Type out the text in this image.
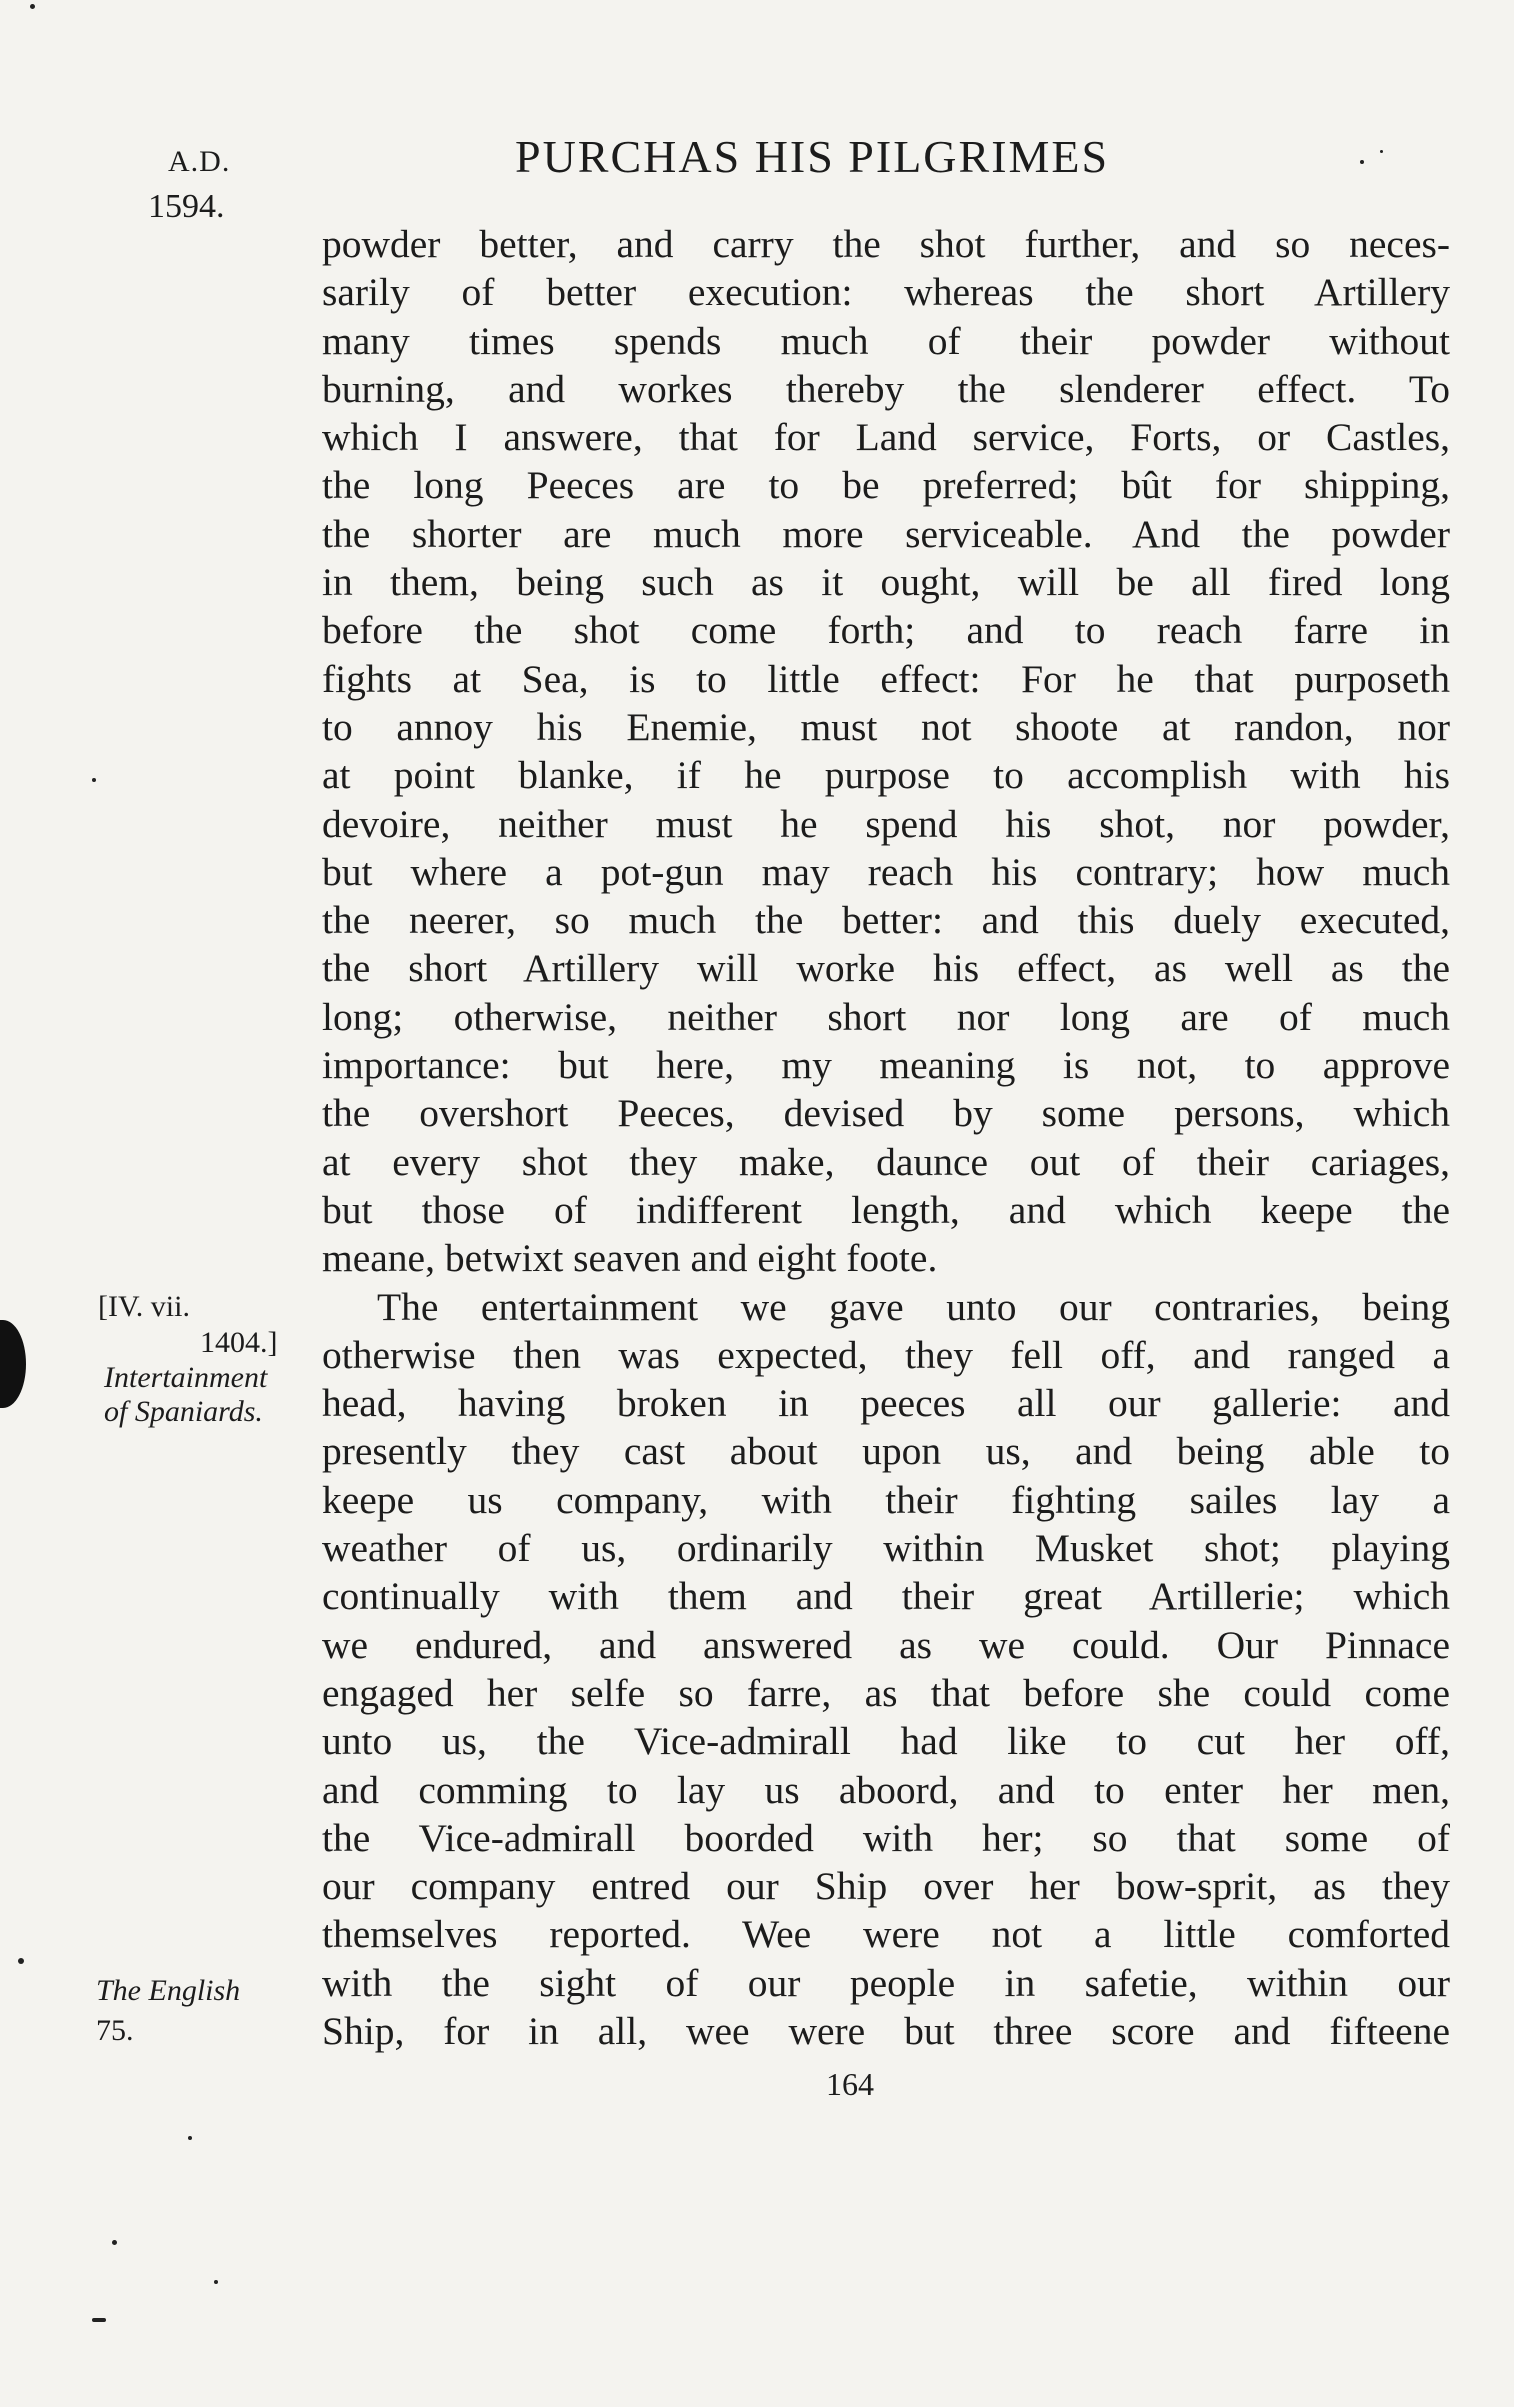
A.D.
1594.
PURCHAS HIS PILGRIMES
powder better, and carry the shot further, and so neces-
sarily of better execution: whereas the short Artillery
many times spends much of their powder without
burning, and workes thereby the slenderer effect. To
which I answere, that for Land service, Forts, or Castles,
the long Peeces are to be preferred; bût for shipping,
the shorter are much more serviceable. And the powder
in them, being such as it ought, will be all fired long
before the shot come forth; and to reach farre in
fights at Sea, is to little effect: For he that purposeth
to annoy his Enemie, must not shoote at randon, nor
at point blanke, if he purpose to accomplish with his
devoire, neither must he spend his shot, nor powder,
but where a pot-gun may reach his contrary; how much
the neerer, so much the better: and this duely executed,
the short Artillery will worke his effect, as well as the
long; otherwise, neither short nor long are of much
importance: but here, my meaning is not, to approve
the overshort Peeces, devised by some persons, which
at every shot they make, daunce out of their cariages,
but those of indifferent length, and which keepe the
meane, betwixt seaven and eight foote.
The entertainment we gave unto our contraries, being
otherwise then was expected, they fell off, and ranged a
head, having broken in peeces all our gallerie: and
presently they cast about upon us, and being able to
keepe us company, with their fighting sailes lay a
weather of us, ordinarily within Musket shot; playing
continually with them and their great Artillerie; which
we endured, and answered as we could. Our Pinnace
engaged her selfe so farre, as that before she could come
unto us, the Vice-admirall had like to cut her off,
and comming to lay us aboord, and to enter her men,
the Vice-admirall boorded with her; so that some of
our company entred our Ship over her bow-sprit, as they
themselves reported. Wee were not a little comforted
with the sight of our people in safetie, within our
Ship, for in all, wee were but three score and fifteene
[IV. vii.
1404.]
Intertainment
of Spaniards.
The English
75.
164
